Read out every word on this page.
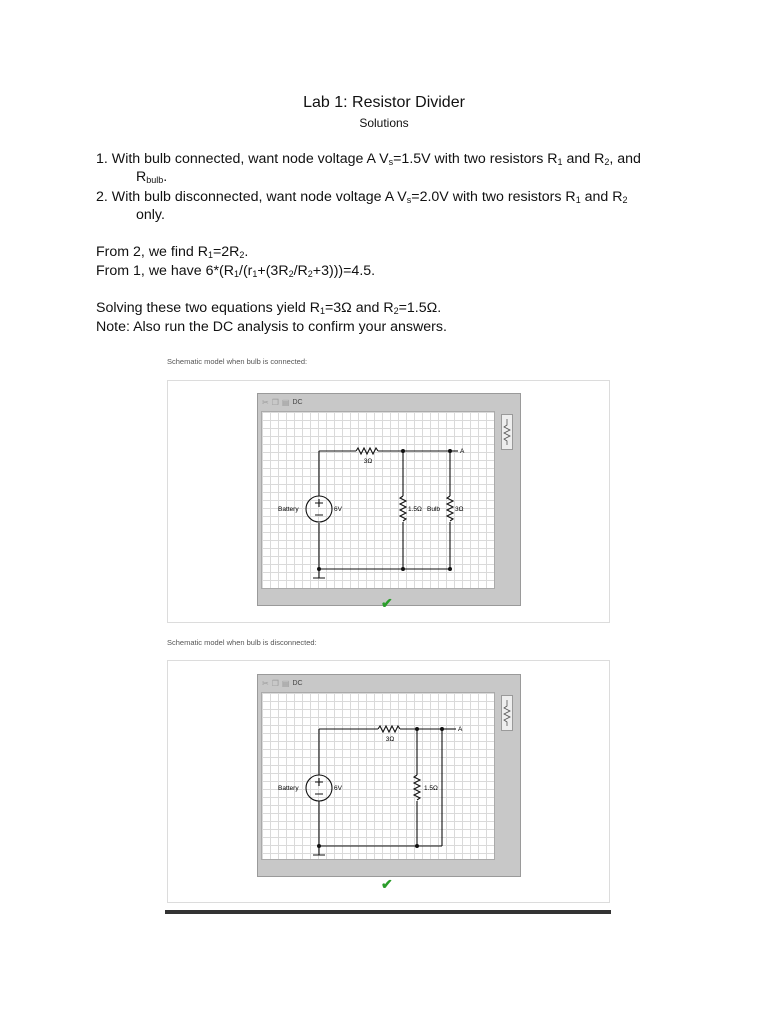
Lab 1: Resistor Divider
Solutions
1. With bulb connected, want node voltage A $V_s=1.5V$ with two resistors $R_1$ and $R_2$, and
$R_{bulb}$.
2. With bulb disconnected, want node voltage A $V_s=2.0V$ with two resistors $R_1$ and $R_2$
only.
From 2, we find $R_1=2R_2$.
From 1, we have $6*(R_1/(r_1+(3R_2/R_2+3)))=4.5$.
Solving these two equations yield $R_1=3\Omega$ and $R_2=1.5\Omega$.
Note: Also run the DC analysis to confirm your answers.
Schematic model when bulb is connected:
✂ ❐ ▤ DC
3Ω
Battery	6V	1.5Ω Bulb 3Ω
A
✔
Schematic model when bulb is disconnected:
✂ ❐ ▤ DC
3Ω
Battery	6V	1.5Ω
A
✔
